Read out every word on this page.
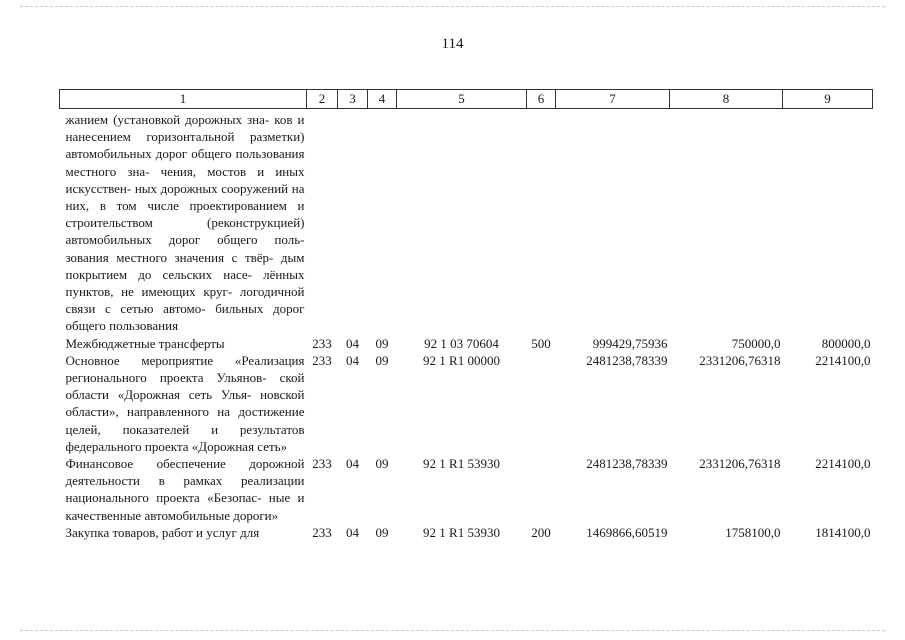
114
1	2	3	4	5	6	7	8	9
жанием (установкой дорожных зна- ков и нанесением горизонтальной разметки) автомобильных дорог общего пользования местного зна- чения, мостов и иных искусствен- ных дорожных сооружений на них, в том числе проектированием и строительством (реконструкцией) автомобильных дорог общего поль- зования местного значения с твёр- дым покрытием до сельских насе- лённых пунктов, не имеющих круг- логодичной связи с сетью автомо- бильных дорог общего пользования								
Межбюджетные трансферты	233	04	09	92 1 03 70604	500	999429,75936	750000,0	800000,0
Основное мероприятие «Реализация регионального проекта Ульянов- ской области «Дорожная сеть Улья- новской области», направленного на достижение целей, показателей и результатов федерального проекта «Дорожная сеть»	233	04	09	92 1 R1 00000		2481238,78339	2331206,76318	2214100,0
Финансовое обеспечение дорожной деятельности в рамках реализации национального проекта «Безопас- ные и качественные автомобильные дороги»	233	04	09	92 1 R1 53930		2481238,78339	2331206,76318	2214100,0
Закупка товаров, работ и услуг для	233	04	09	92 1 R1 53930	200	1469866,60519	1758100,0	1814100,0
